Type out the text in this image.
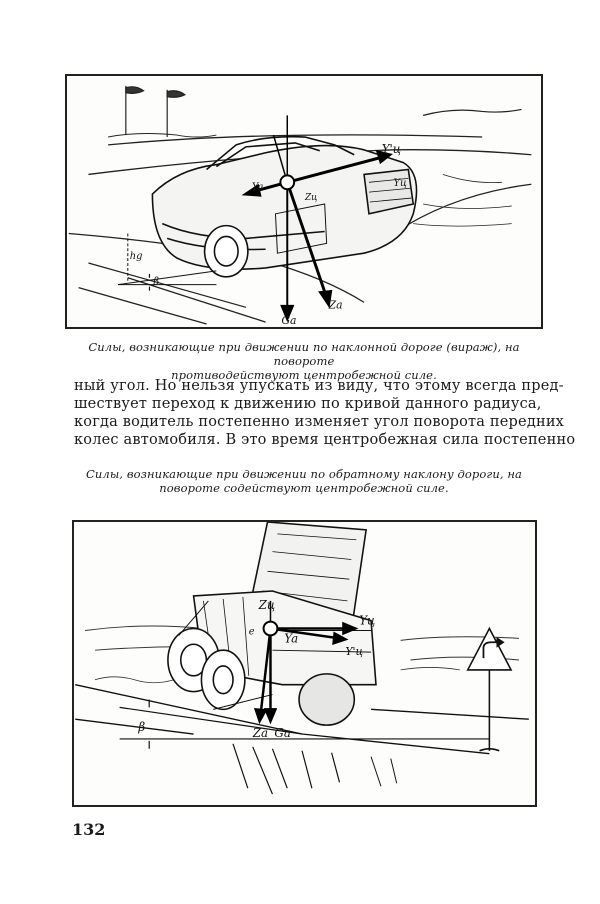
Y'ц
Yц
Ya
Zц
hg
β
Ga
Za
Силы, возникающие при движении по наклонной дороге (вираж), на повороте
противодействуют центробежной силе.
ный угол. Но нельзя упускать из виду, что этому всегда пред-
шествует переход к движению по кривой данного радиуса,
когда водитель постепенно изменяет угол поворота передних
колес автомобиля. В это время центробежная сила постепенно
Силы, возникающие при движении по обратному наклону дороги, на
повороте содействуют центробежной силе.
Zц
Yц
Ya
Y'ц
e
β	Za Ga
132
